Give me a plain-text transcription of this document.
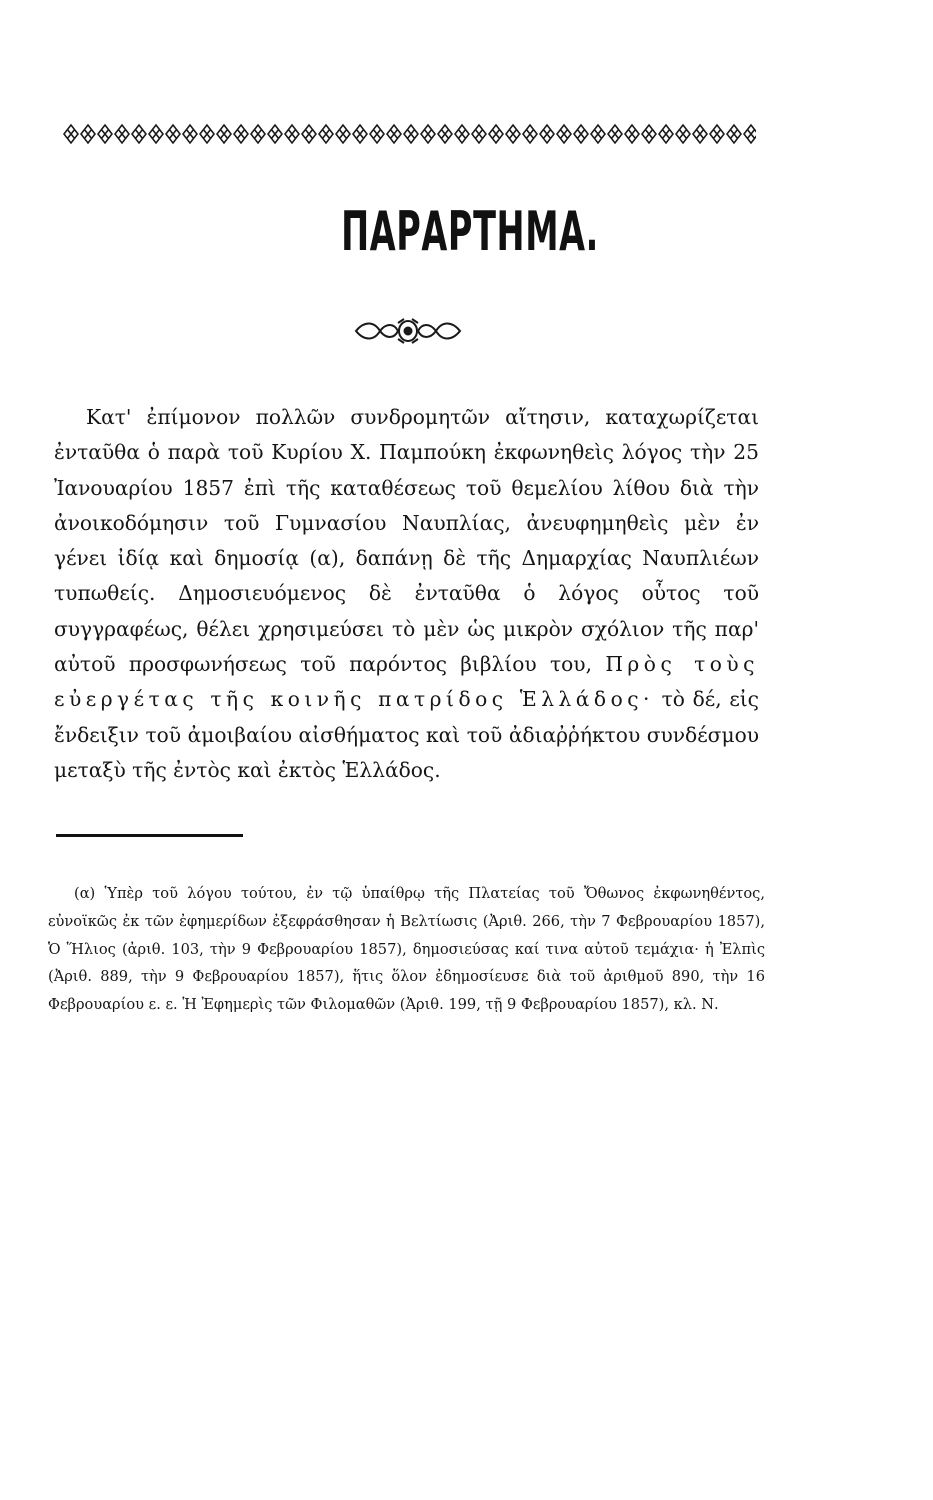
ΠΑΡΑΡΤΗΜΑ.

Κατ' ἐπίμονον πολλῶν συνδρομητῶν αἴτησιν, καταχωρίζεται ἐνταῦθα ὁ παρὰ τοῦ Κυρίου Χ. Παμπούκη ἐκφωνηθεὶς λόγος τὴν 25 Ἰανουαρίου 1857 ἐπὶ τῆς καταθέσεως τοῦ θεμελίου λίθου διὰ τὴν ἀνοικοδόμησιν τοῦ Γυμνασίου Ναυπλίας, ἀνευφημηθεὶς μὲν ἐν γένει ἰδίᾳ καὶ δημοσίᾳ (α), δαπάνῃ δὲ τῆς Δημαρχίας Ναυπλιέων τυπωθείς. Δημοσιευόμενος δὲ ἐνταῦθα ὁ λόγος οὗτος τοῦ συγγραφέως, θέλει χρησιμεύσει τὸ μὲν ὡς μικρὸν σχόλιον τῆς παρ' αὐτοῦ προσφωνήσεως τοῦ παρόντος βιβλίου του, Πρὸς τοὺς εὐεργέτας τῆς κοινῆς πατρίδος Ἑλλάδος· τὸ δέ, εἰς ἔνδειξιν τοῦ ἀμοιβαίου αἰσθήματος καὶ τοῦ ἀδιαῤῥήκτου συνδέσμου μεταξὺ τῆς ἐντὸς καὶ ἐκτὸς Ἑλλάδος.

(α) Ὑπὲρ τοῦ λόγου τούτου, ἐν τῷ ὑπαίθρῳ τῆς Πλατείας τοῦ Ὄθωνος ἐκφωνηθέντος, εὐνοϊκῶς ἐκ τῶν ἐφημερίδων ἐξεφράσθησαν ἡ Βελτίωσις (Ἀριθ. 266, τὴν 7 Φεβρουαρίου 1857), Ὁ Ἥλιος (ἀριθ. 103, τὴν 9 Φεβρουαρίου 1857), δημοσιεύσας καί τινα αὐτοῦ τεμάχια· ἡ Ἐλπὶς (Ἀριθ. 889, τὴν 9 Φεβρουαρίου 1857), ἥτις ὅλον ἐδημοσίευσε διὰ τοῦ ἀριθμοῦ 890, τὴν 16 Φεβρουαρίου ε. ε. Ἡ Ἐφημερὶς τῶν Φιλομαθῶν (Ἀριθ. 199, τῇ 9 Φεβρουαρίου 1857), κλ. Ν.
